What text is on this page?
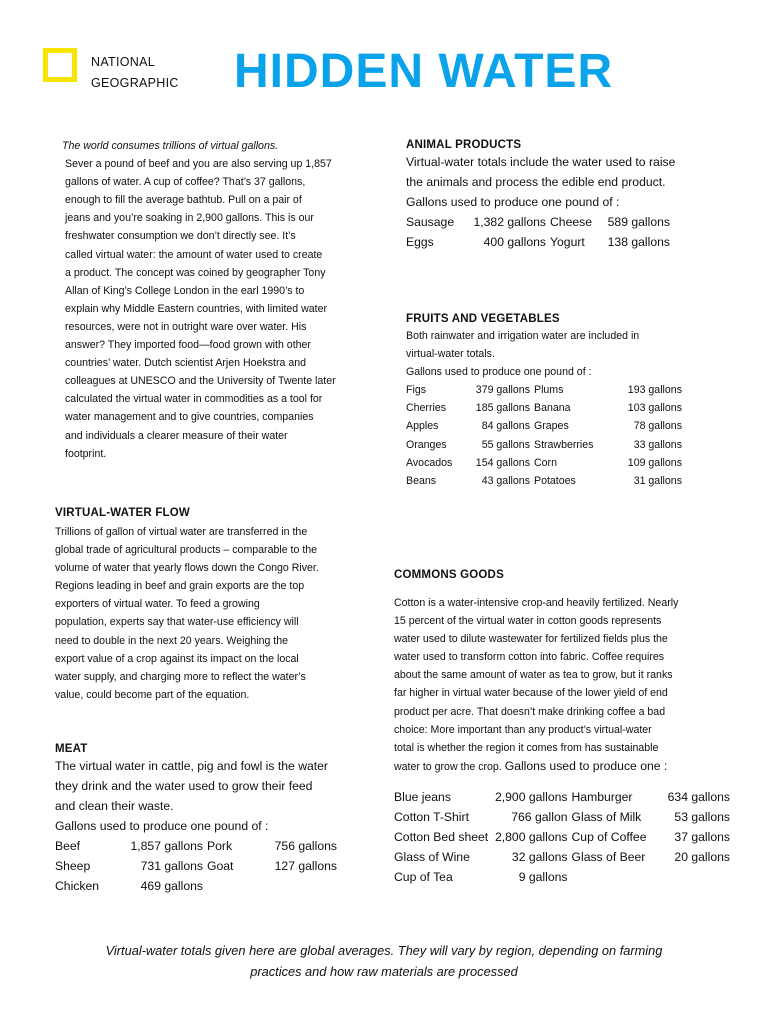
NATIONAL
GEOGRAPHIC HIDDEN WATER
The world consumes trillions of virtual gallons.
Sever a pound of beef and you are also serving up 1,857
gallons of water. A cup of coffee? That’s 37 gallons,
enough to fill the average bathtub. Pull on a pair of
jeans and you’re soaking in 2,900 gallons. This is our
freshwater consumption we don’t directly see. It’s
called virtual water: the amount of water used to create
a product. The concept was coined by geographer Tony
Allan of King’s College London in the earl 1990’s to
explain why Middle Eastern countries, with limited water
resources, were not in outright ware over water. His
answer? They imported food—food grown with other
countries’ water. Dutch scientist Arjen Hoekstra and
colleagues at UNESCO and the University of Twente later
calculated the virtual water in commodities as a tool for
water management and to give countries, companies
and individuals a clearer measure of their water
footprint.
VIRTUAL-WATER FLOW
Trillions of gallon of virtual water are transferred in the
global trade of agricultural products – comparable to the
volume of water that yearly flows down the Congo River.
Regions leading in beef and grain exports are the top
exporters of virtual water. To feed a growing
population, experts say that water-use efficiency will
need to double in the next 20 years. Weighing the
export value of a crop against its impact on the local
water supply, and charging more to reflect the water’s
value, could become part of the equation.
MEAT
The virtual water in cattle, pig and fowl is the water
they drink and the water used to grow their feed
and clean their waste.
Gallons used to produce one pound of :
Beef	1,857 gallons	Pork	756 gallons
Sheep	731 gallons	Goat	127 gallons
Chicken	469 gallons		
ANIMAL PRODUCTS
Virtual-water totals include the water used to raise
the animals and process the edible end product.
Gallons used to produce one pound of :
Sausage	1,382 gallons	Cheese	589 gallons
Eggs	400 gallons	Yogurt	138 gallons
FRUITS AND VEGETABLES
Both rainwater and irrigation water are included in
virtual-water totals.
Gallons used to produce one pound of :
Figs	379 gallons	Plums	193 gallons
Cherries	185 gallons	Banana	103 gallons
Apples	84 gallons	Grapes	78 gallons
Oranges	55 gallons	Strawberries	33 gallons
Avocados	154 gallons	Corn	109 gallons
Beans	43 gallons	Potatoes	31 gallons
COMMONS GOODS
Cotton is a water-intensive crop-and heavily fertilized. Nearly
15 percent of the virtual water in cotton goods represents
water used to dilute wastewater for fertilized fields plus the
water used to transform cotton into fabric. Coffee requires
about the same amount of water as tea to grow, but it ranks
far higher in virtual water because of the lower yield of end
product per acre. That doesn’t make drinking coffee a bad
choice: More important than any product’s virtual-water
total is whether the region it comes from has sustainable
water to grow the crop. Gallons used to produce one :
Blue jeans	2,900 gallons	Hamburger	634 gallons
Cotton T-Shirt	766 gallon	Glass of Milk	53 gallons
Cotton Bed sheet	2,800 gallons	Cup of Coffee	37 gallons
Glass of Wine	32 gallons	Glass of Beer	20 gallons
Cup of Tea	9 gallons		
Virtual-water totals given here are global averages. They will vary by region, depending on farming
practices and how raw materials are processed
